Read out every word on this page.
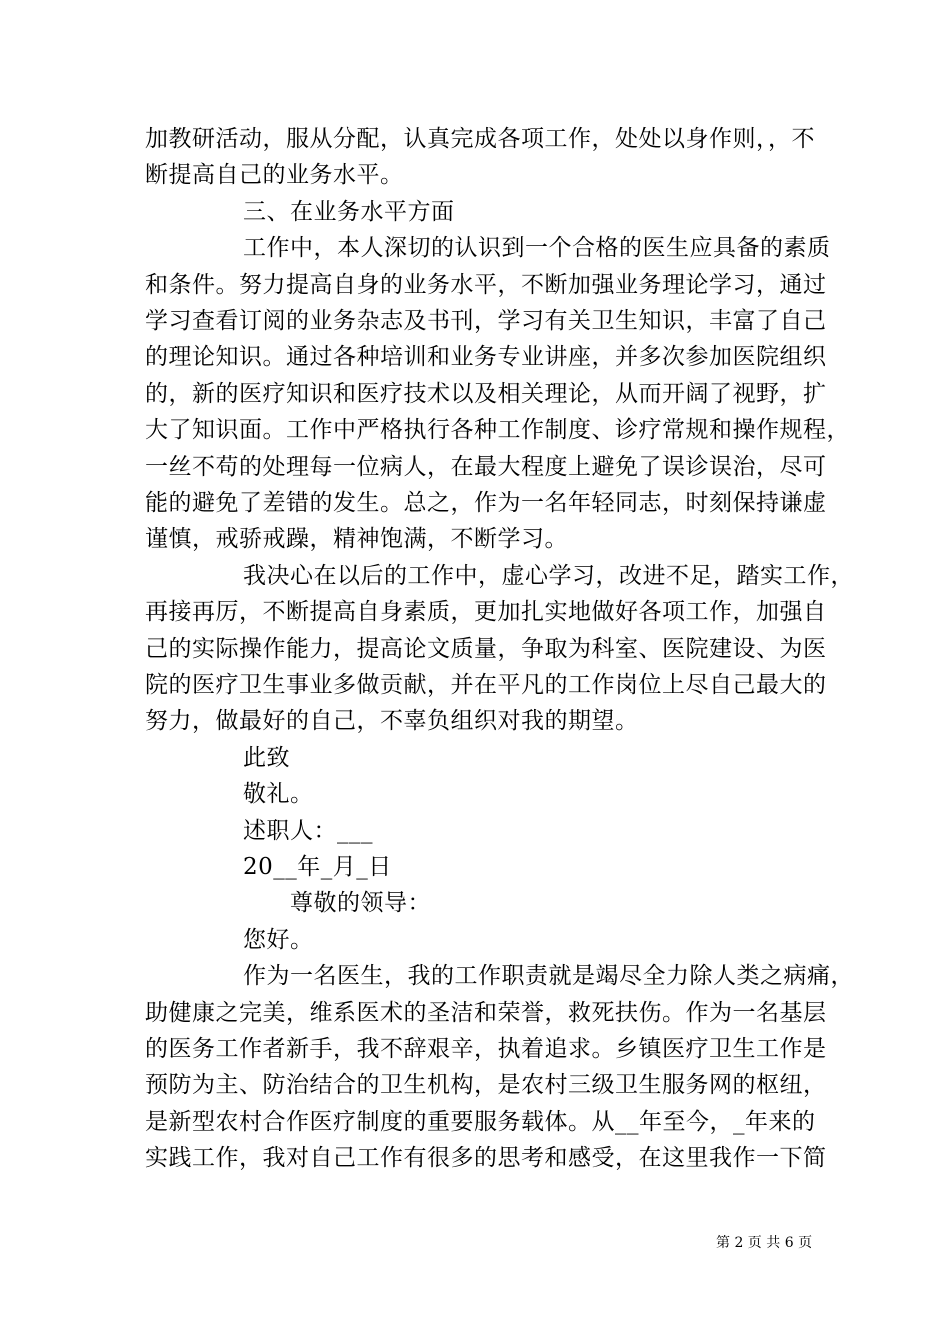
加教研活动，服从分配，认真完成各项工作，处处以身作则，，不
断提高自己的业务水平。
三、在业务水平方面
工作中，本人深切的认识到一个合格的医生应具备的素质
和条件。努力提高自身的业务水平，不断加强业务理论学习，通过
学习查看订阅的业务杂志及书刊，学习有关卫生知识，丰富了自己
的理论知识。通过各种培训和业务专业讲座，并多次参加医院组织
的，新的医疗知识和医疗技术以及相关理论，从而开阔了视野，扩
大了知识面。工作中严格执行各种工作制度、诊疗常规和操作规程，
一丝不苟的处理每一位病人，在最大程度上避免了误诊误治，尽可
能的避免了差错的发生。总之，作为一名年轻同志，时刻保持谦虚
谨慎，戒骄戒躁，精神饱满，不断学习。
我决心在以后的工作中，虚心学习，改进不足，踏实工作，
再接再厉，不断提高自身素质，更加扎实地做好各项工作，加强自
己的实际操作能力，提高论文质量，争取为科室、医院建设、为医
院的医疗卫生事业多做贡献，并在平凡的工作岗位上尽自己最大的
努力，做最好的自己，不辜负组织对我的期望。
此致
敬礼。
述职人：___
20__年_月_日
尊敬的领导：
您好。
作为一名医生，我的工作职责就是竭尽全力除人类之病痛，
助健康之完美，维系医术的圣洁和荣誉，救死扶伤。作为一名基层
的医务工作者新手，我不辞艰辛，执着追求。乡镇医疗卫生工作是
预防为主、防治结合的卫生机构，是农村三级卫生服务网的枢纽，
是新型农村合作医疗制度的重要服务载体。从__年至今，_年来的
实践工作，我对自己工作有很多的思考和感受，在这里我作一下简
第 2 页 共 6 页
